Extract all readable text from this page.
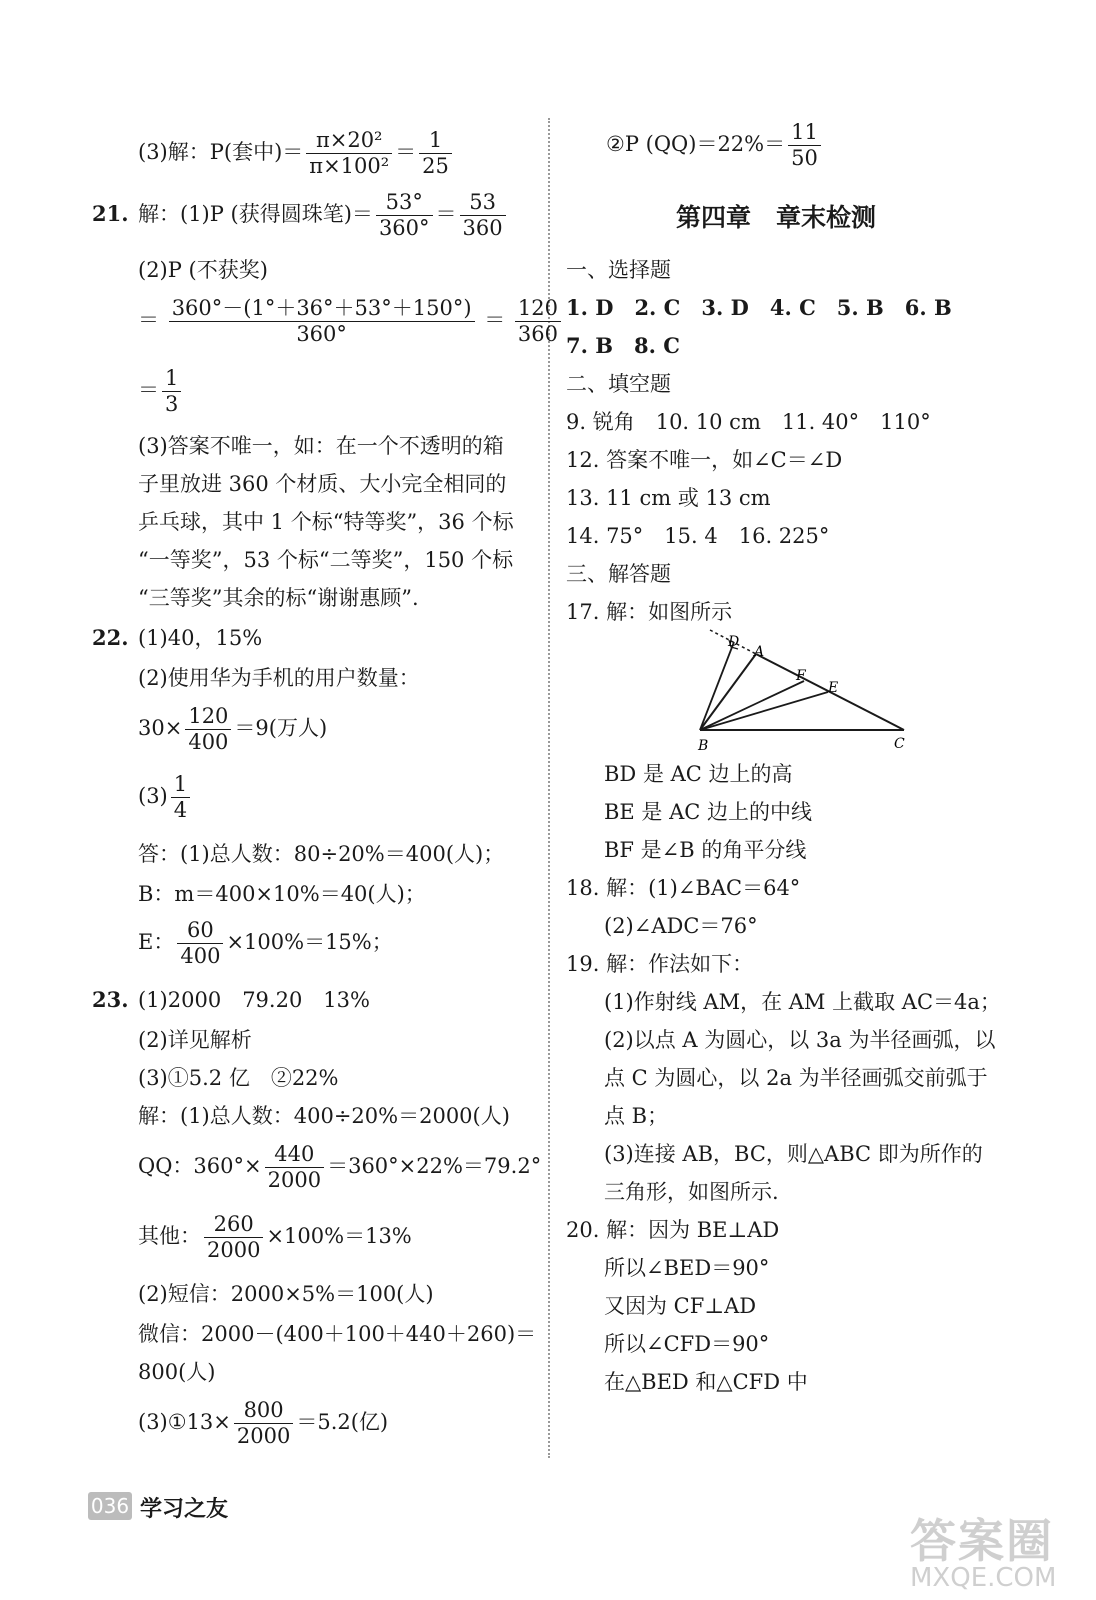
(3)解：P(套中)＝ $\frac{\text{π×20²}}{\text{π×100²}} = \frac{1}{25}$
21. 解：(1)P (获得圆珠笔)＝ $\frac{53^\circ}{360^\circ} = \frac{53}{360}$
(2)P (不获奖)
＝ $\frac{360^\circ-(1^\circ+36^\circ+53^\circ+150^\circ)}{360^\circ} = \frac{120}{360}$
＝ $\frac{1}{3}$
(3)答案不唯一，如：在一个不透明的箱
子里放进 360 个材质、大小完全相同的
乒乓球，其中 1 个标“特等奖”，36 个标
“一等奖”，53 个标“二等奖”，150 个标
“三等奖”其余的标“谢谢惠顾”.
22. (1)40，15%
(2)使用华为手机的用户数量：
$30\times \frac{120}{400} =9$(万人)
$(3) \frac{1}{4}$
答：(1)总人数：80÷20%＝400(人)；
B：m＝400×10%＝40(人)；
E： $\frac{60}{400} \times 100\%=15\%$；
23. (1)2000　79.20　13%
(2)详见解析
(3)①5.2 亿　②22%
解：(1)总人数：400÷20%＝2000(人)
QQ：$360^\circ\times \frac{440}{2000} =360^\circ\times 22\%=79.2^\circ$
其他： $\frac{260}{2000} \times 100\%=13\%$
(2)短信：2000×5%＝100(人)
微信：2000－(400＋100＋440＋260)＝
800(人)
(3)①13× $\frac{800}{2000} =5.2$(亿)
②P $(QQ)=22\%= \frac{11}{50}$
第四章　章末检测
一、选择题
1. D　2. C　3. D　4. C　5. B　6. B
7. B　8. C
二、填空题
9. 锐角　10. 10 cm　11. 40°　110°
12. 答案不唯一，如∠C＝∠D
13. 11 cm 或 13 cm
14. 75°　15. 4　16. 225°
三、解答题
17. 解：如图所示
D
A
F
E
B	C
BD 是 AC 边上的高
BE 是 AC 边上的中线
BF 是∠B 的角平分线
18. 解：(1)∠BAC＝64°
(2)∠ADC＝76°
19. 解：作法如下：
(1)作射线 AM，在 AM 上截取 AC＝4a；
(2)以点 A 为圆心，以 3a 为半径画弧，以
点 C 为圆心，以 2a 为半径画弧交前弧于
点 B；
(3)连接 AB，BC，则△ABC 即为所作的
三角形，如图所示.
20. 解：因为 BE⊥AD
所以∠BED＝90°
又因为 CF⊥AD
所以∠CFD＝90°
在△BED 和△CFD 中
036 学习之友
答案圈
MXQE.COM
